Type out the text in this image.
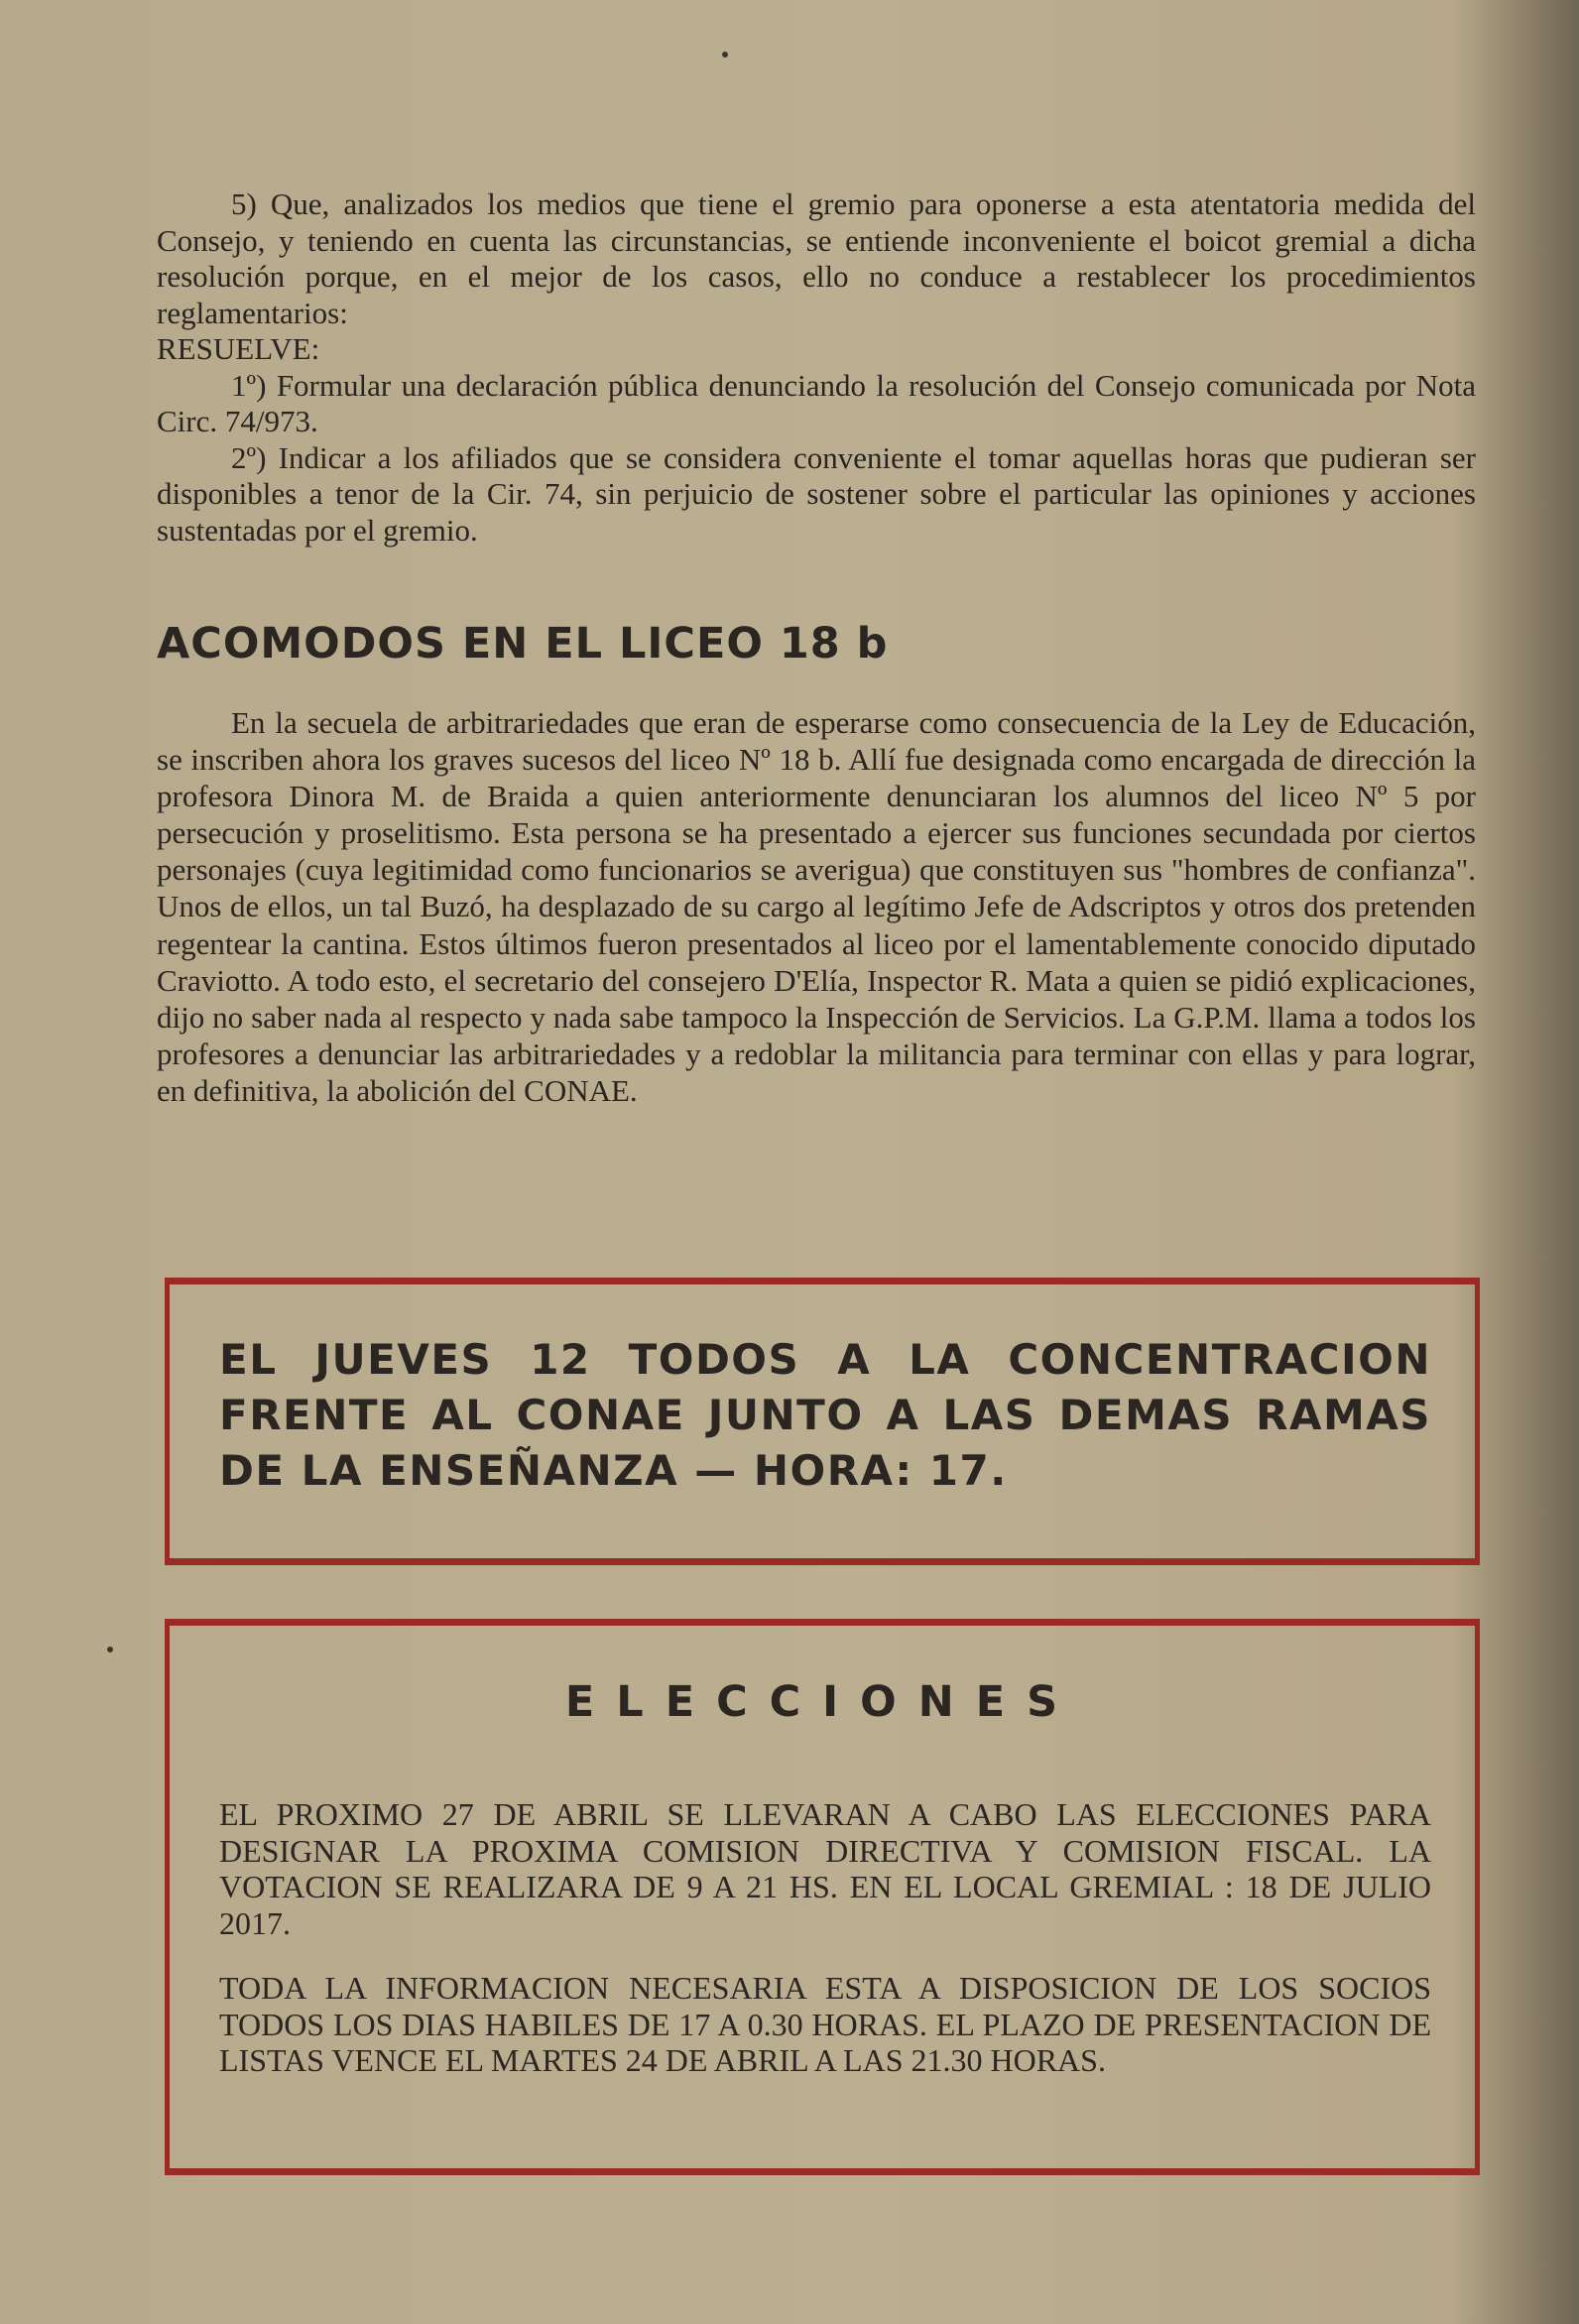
5) Que, analizados los medios que tiene el gremio para oponerse a esta atentatoria medida del Consejo, y teniendo en cuenta las circunstancias, se entiende inconveniente el boicot gremial a dicha resolución porque, en el mejor de los casos, ello no conduce a restablecer los procedimientos reglamentarios:

RESUELVE:

1º) Formular una declaración pública denunciando la resolución del Consejo comunicada por Nota Circ. 74/973.

2º) Indicar a los afiliados que se considera conveniente el tomar aquellas horas que pudieran ser disponibles a tenor de la Cir. 74, sin perjuicio de sostener sobre el particular las opiniones y acciones sustentadas por el gremio.

ACOMODOS EN EL LICEO 18 b

En la secuela de arbitrariedades que eran de esperarse como consecuencia de la Ley de Educación, se inscriben ahora los graves sucesos del liceo Nº 18 b. Allí fue designada como encargada de dirección la profesora Dinora M. de Braida a quien anteriormente denunciaran los alumnos del liceo Nº 5 por persecución y proselitismo. Esta persona se ha presentado a ejercer sus funciones secundada por ciertos personajes (cuya legitimidad como funcionarios se averigua) que constituyen sus "hombres de confianza". Unos de ellos, un tal Buzó, ha desplazado de su cargo al legítimo Jefe de Adscriptos y otros dos pretenden regentear la cantina. Estos últimos fueron presentados al liceo por el lamentablemente conocido diputado Craviotto. A todo esto, el secretario del consejero D'Elía, Inspector R. Mata a quien se pidió explicaciones, dijo no saber nada al respecto y nada sabe tampoco la Inspección de Servicios. La G.P.M. llama a todos los profesores a denunciar las arbitrariedades y a redoblar la militancia para terminar con ellas y para lograr, en definitiva, la abolición del CONAE.

EL JUEVES 12 TODOS A LA CONCENTRACION FRENTE AL CONAE JUNTO A LAS DEMAS RAMAS DE LA ENSEÑANZA — HORA: 17.

ELECCIONES

EL PROXIMO 27 DE ABRIL SE LLEVARAN A CABO LAS ELECCIONES PARA DESIGNAR LA PROXIMA COMISION DIRECTIVA Y COMISION FISCAL. LA VOTACION SE REALIZARA DE 9 A 21 HS. EN EL LOCAL GREMIAL : 18 DE JULIO 2017.

TODA LA INFORMACION NECESARIA ESTA A DISPOSICION DE LOS SOCIOS TODOS LOS DIAS HABILES DE 17 A 0.30 HORAS. EL PLAZO DE PRESENTACION DE LISTAS VENCE EL MARTES 24 DE ABRIL A LAS 21.30 HORAS.
